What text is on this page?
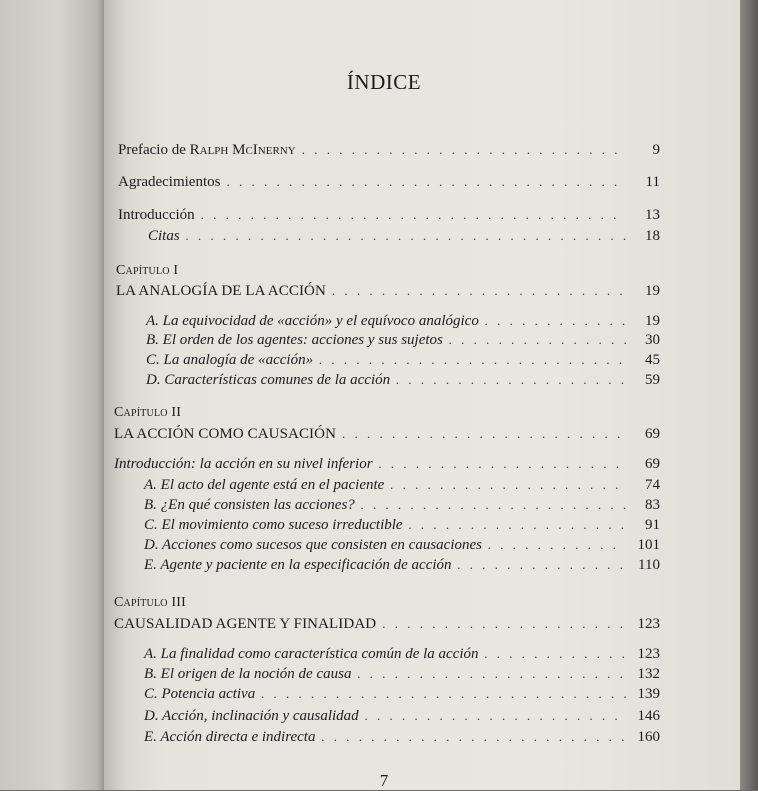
ÍNDICE
Prefacio de Ralph McInerny . . .	9
Agradecimientos . . .	11
Introducción . . .	13
Citas . . .	18
Capítulo I
LA ANALOGÍA DE LA ACCIÓN . . .	19
A. La equivocidad de «acción» y el equívoco analógico . . .	19
B. El orden de los agentes: acciones y sus sujetos . . .	30
C. La analogía de «acción» . . .	45
D. Características comunes de la acción . . .	59
Capítulo II
LA ACCIÓN COMO CAUSACIÓN . . .	69
Introducción: la acción en su nivel inferior . . .	69
A. El acto del agente está en el paciente . . .	74
B. ¿En qué consisten las acciones? . . .	83
C. El movimiento como suceso irreductible . . .	91
D. Acciones como sucesos que consisten en causaciones . . .	101
E. Agente y paciente en la especificación de acción . . .	110
Capítulo III
CAUSALIDAD AGENTE Y FINALIDAD . . .	123
A. La finalidad como característica común de la acción . . .	123
B. El origen de la noción de causa . . .	132
C. Potencia activa . . .	139
D. Acción, inclinación y causalidad . . .	146
E. Acción directa e indirecta . . .	160
7
